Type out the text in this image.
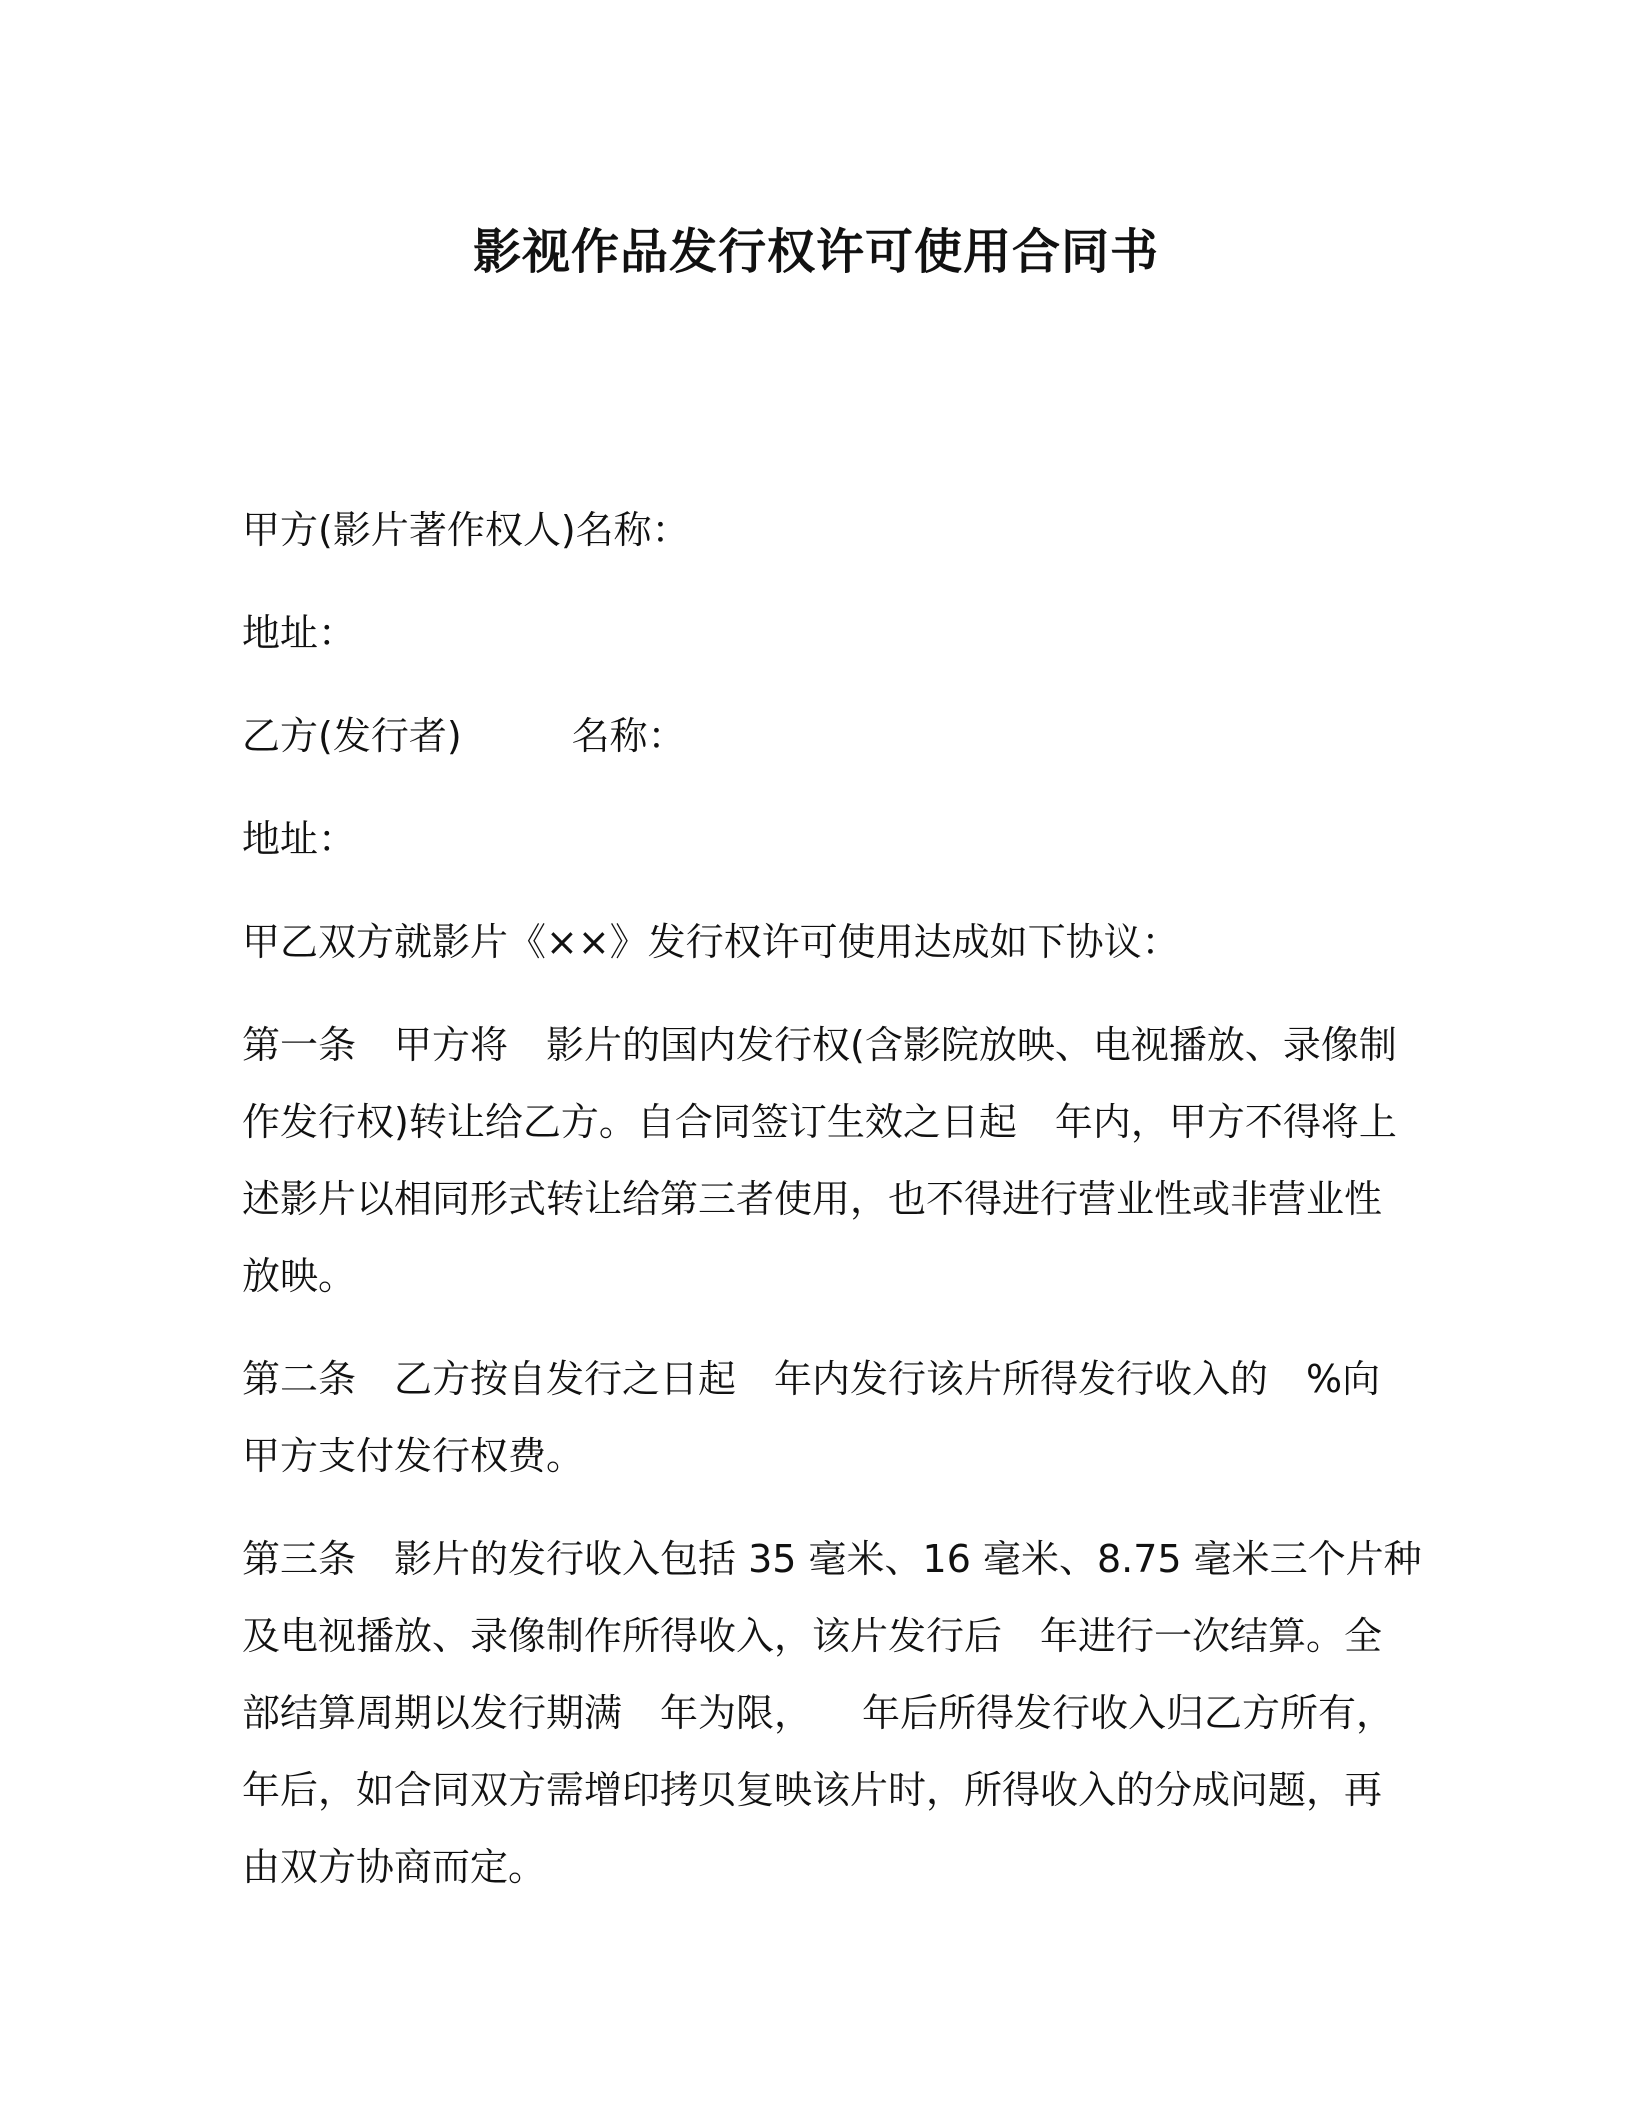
影视作品发行权许可使用合同书
甲方(影片著作权人)名称：
地址：
乙方(发行者)	名称：
地址：
甲乙双方就影片《××》发行权许可使用达成如下协议：
第一条 甲方将 影片的国内发行权(含影院放映、电视播放、录像制
作发行权)转让给乙方。自合同签订生效之日起 年内，甲方不得将上
述影片以相同形式转让给第三者使用，也不得进行营业性或非营业性
放映。
第二条 乙方按自发行之日起 年内发行该片所得发行收入的 %向
甲方支付发行权费。
第三条 影片的发行收入包括 35 毫米、16 毫米、8.75 毫米三个片种
及电视播放、录像制作所得收入，该片发行后 年进行一次结算。全
部结算周期以发行期满 年为限， 年后所得发行收入归乙方所有，
年后，如合同双方需增印拷贝复映该片时，所得收入的分成问题，再
由双方协商而定。
